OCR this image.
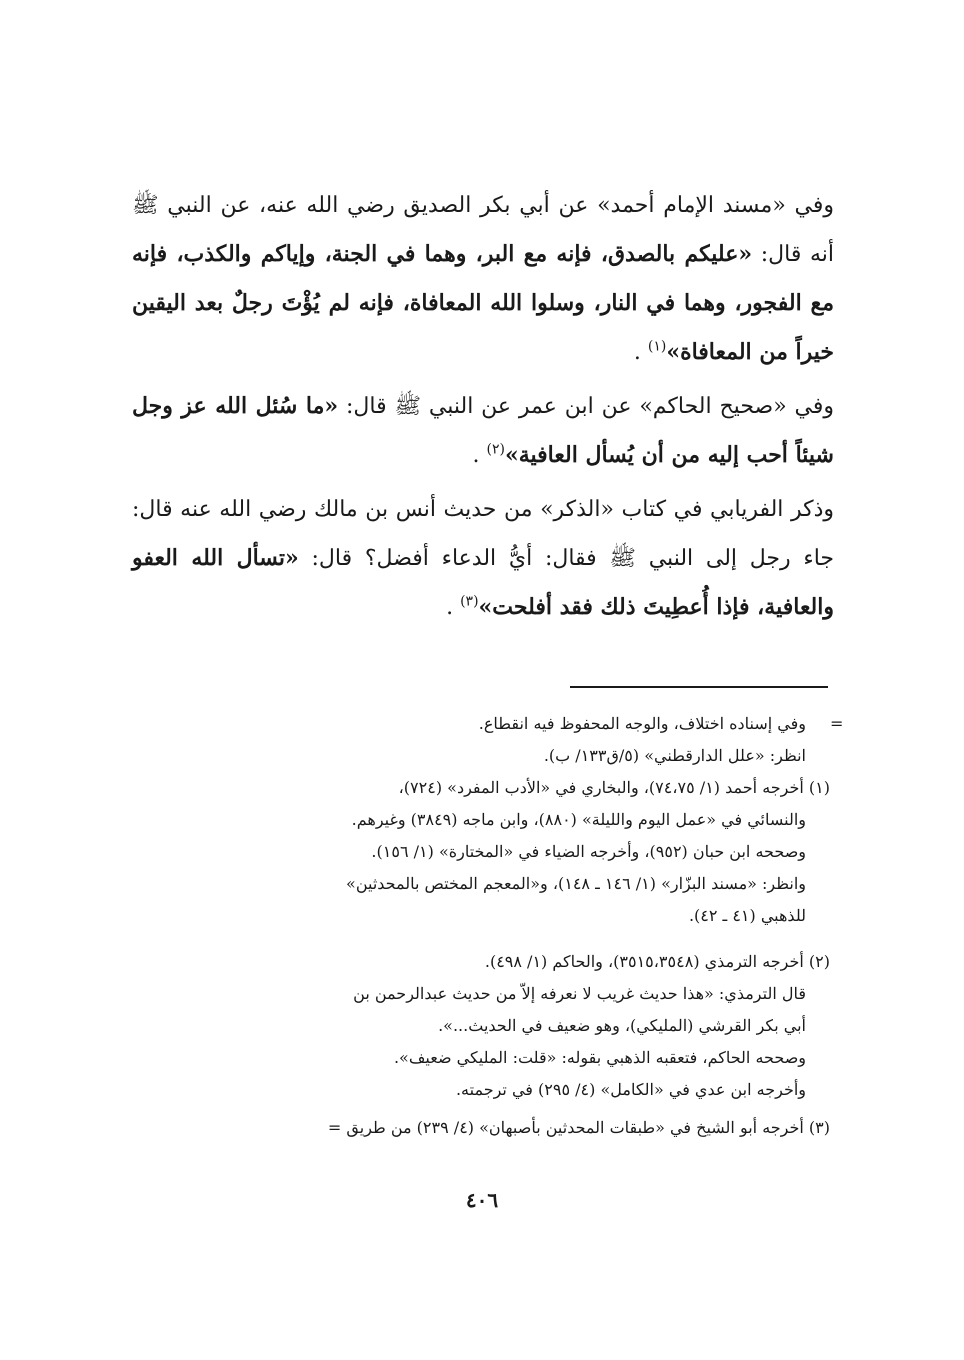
وفي «مسند الإمام أحمد» عن أبي بكر الصديق رضي الله عنه، عن النبي ﷺ أنه قال: «عليكم بالصدق، فإنه مع البر، وهما في الجنة، وإياكم والكذب، فإنه مع الفجور، وهما في النار، وسلوا الله المعافاة، فإنه لم يُؤْتَ رجلٌ بعد اليقين خيراً من المعافاة»$^{(١)}$ .
وفي «صحيح الحاكم» عن ابن عمر عن النبي ﷺ قال: «ما سُئل الله عز وجل شيئاً أحب إليه من أن يُسأل العافية»$^{(٢)}$ .
وذكر الفريابي في كتاب «الذكر» من حديث أنس بن مالك رضي الله عنه قال: جاء رجل إلى النبي ﷺ فقال: أيُّ الدعاء أفضل؟ قال: «تسأل الله العفو والعافية، فإذا أُعطِيتَ ذلك فقد أفلحت»$^{(٣)}$ .
=
وفي إسناده اختلاف، والوجه المحفوظ فيه انقطاع.
انظر: «علل الدارقطني» (٥/ق١٣٣/ ب).
(١) أخرجه أحمد (١/ ٧٤،٧٥)، والبخاري في «الأدب المفرد» (٧٢٤)،
والنسائي في «عمل اليوم والليلة» (٨٨٠)، وابن ماجه (٣٨٤٩) وغيرهم.
وصححه ابن حبان (٩٥٢)، وأخرجه الضياء في «المختارة» (١/ ١٥٦).
وانظر: «مسند البزّار» (١/ ١٤٦ ـ ١٤٨)، و«المعجم المختص بالمحدثين»
للذهبي (٤١ ـ ٤٢).
(٢) أخرجه الترمذي (٣٥١٥،٣٥٤٨)، والحاكم (١/ ٤٩٨).
قال الترمذي: «هذا حديث غريب لا نعرفه إلاّ من حديث عبدالرحمن بن
أبي بكر القرشي (المليكي)، وهو ضعيف في الحديث...».
وصححه الحاكم، فتعقبه الذهبي بقوله: «قلت: المليكي ضعيف».
وأخرجه ابن عدي في «الكامل» (٤/ ٢٩٥) في ترجمته.
(٣) أخرجه أبو الشيخ في «طبقات المحدثين بأصبهان» (٤/ ٢٣٩) من طريق =
٤٠٦
